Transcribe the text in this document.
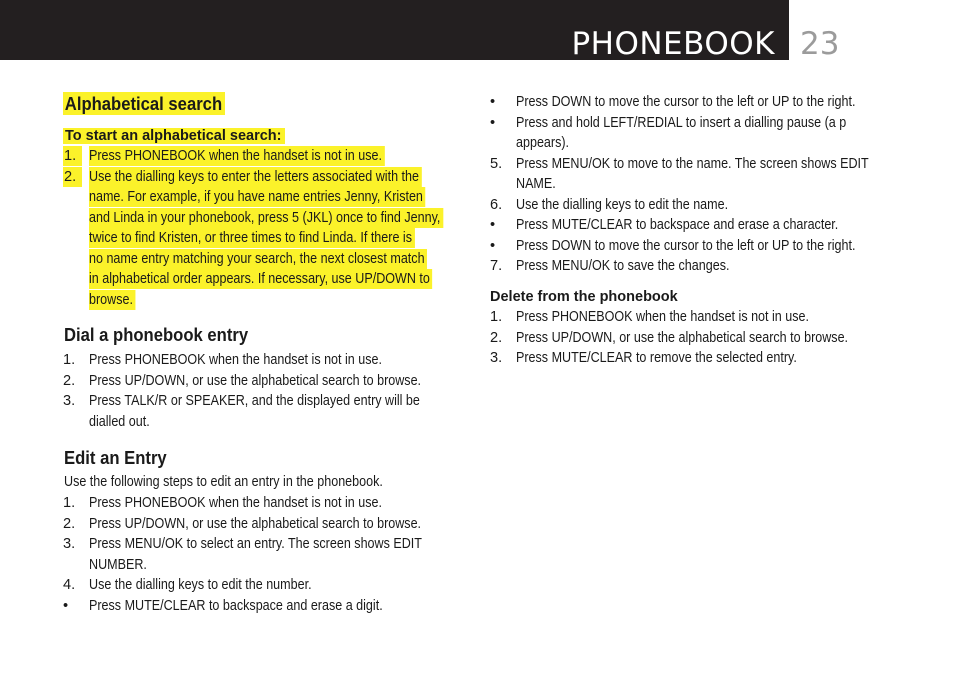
PHONEBOOK 23
Alphabetical search
To start an alphabetical search:
1. Press PHONEBOOK when the handset is not in use.
2. Use the dialling keys to enter the letters associated with the
name. For example, if you have name entries Jenny, Kristen
and Linda in your phonebook, press 5 (JKL) once to find Jenny,
twice to find Kristen, or three times to find Linda. If there is
no name entry matching your search, the next closest match
in alphabetical order appears. If necessary, use UP/DOWN to
browse.
Dial a phonebook entry
1. Press PHONEBOOK when the handset is not in use.
2. Press UP/DOWN, or use the alphabetical search to browse.
3. Press TALK/R or SPEAKER, and the displayed entry will be
dialled out.
Edit an Entry
Use the following steps to edit an entry in the phonebook.
1. Press PHONEBOOK when the handset is not in use.
2. Press UP/DOWN, or use the alphabetical search to browse.
3. Press MENU/OK to select an entry. The screen shows EDIT
NUMBER.
4. Use the dialling keys to edit the number.
• Press MUTE/CLEAR to backspace and erase a digit.
• Press DOWN to move the cursor to the left or UP to the right.
• Press and hold LEFT/REDIAL to insert a dialling pause (a p
appears).
5. Press MENU/OK to move to the name. The screen shows EDIT
NAME.
6. Use the dialling keys to edit the name.
• Press MUTE/CLEAR to backspace and erase a character.
• Press DOWN to move the cursor to the left or UP to the right.
7. Press MENU/OK to save the changes.
Delete from the phonebook
1. Press PHONEBOOK when the handset is not in use.
2. Press UP/DOWN, or use the alphabetical search to browse.
3. Press MUTE/CLEAR to remove the selected entry.
